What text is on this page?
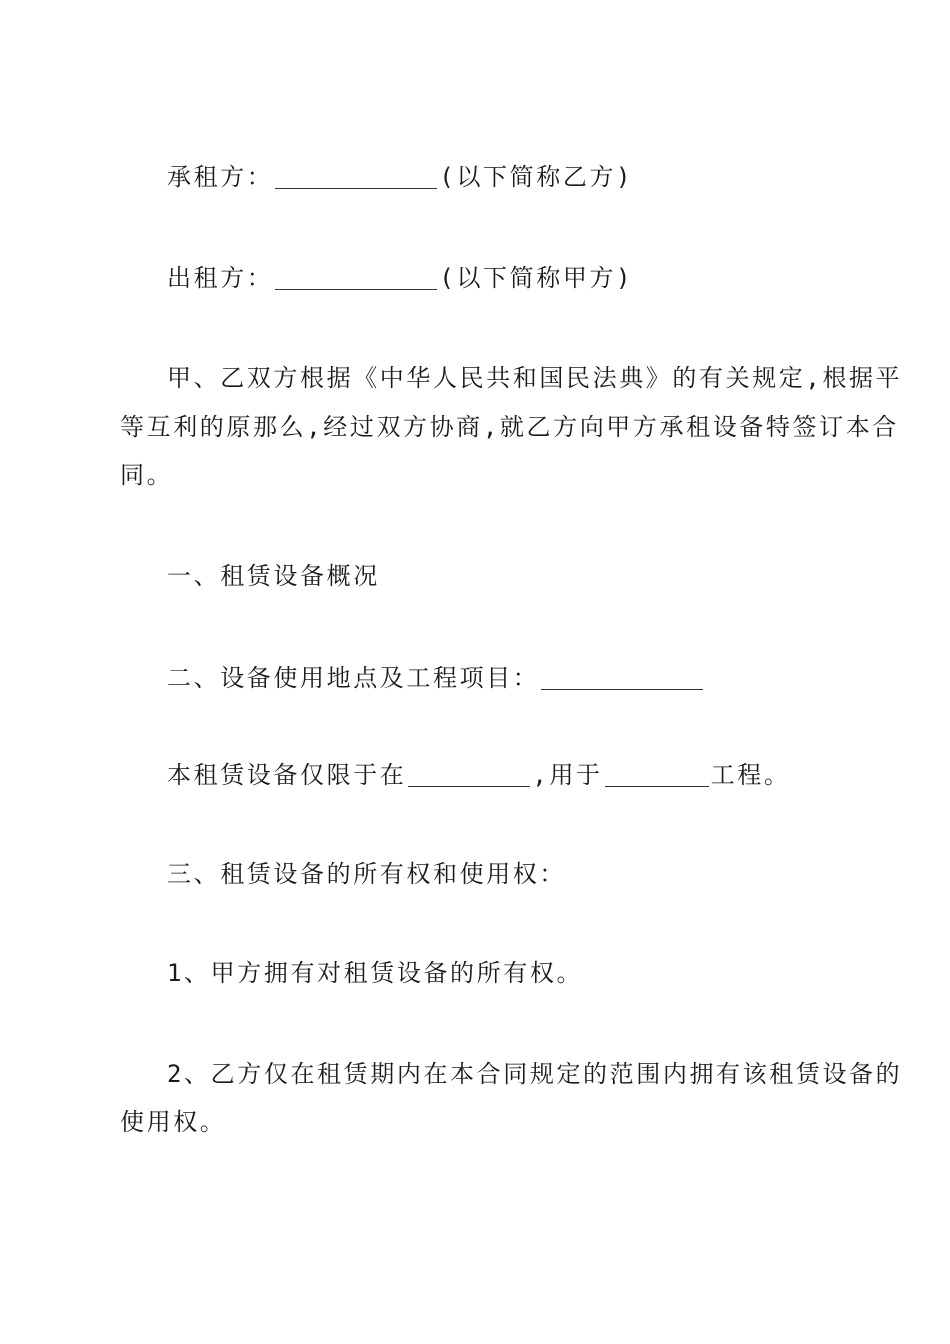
承租方：	(以下简称乙方)
出租方：	(以下简称甲方)
甲、乙双方根据《中华人民共和国民法典》的有关规定,根据平
等互利的原那么,经过双方协商,就乙方向甲方承租设备特签订本合
同。
一、租赁设备概况
二、设备使用地点及工程项目：
本租赁设备仅限于在	,用于	工程。
三、租赁设备的所有权和使用权：
1、甲方拥有对租赁设备的所有权。
2、乙方仅在租赁期内在本合同规定的范围内拥有该租赁设备的
使用权。
